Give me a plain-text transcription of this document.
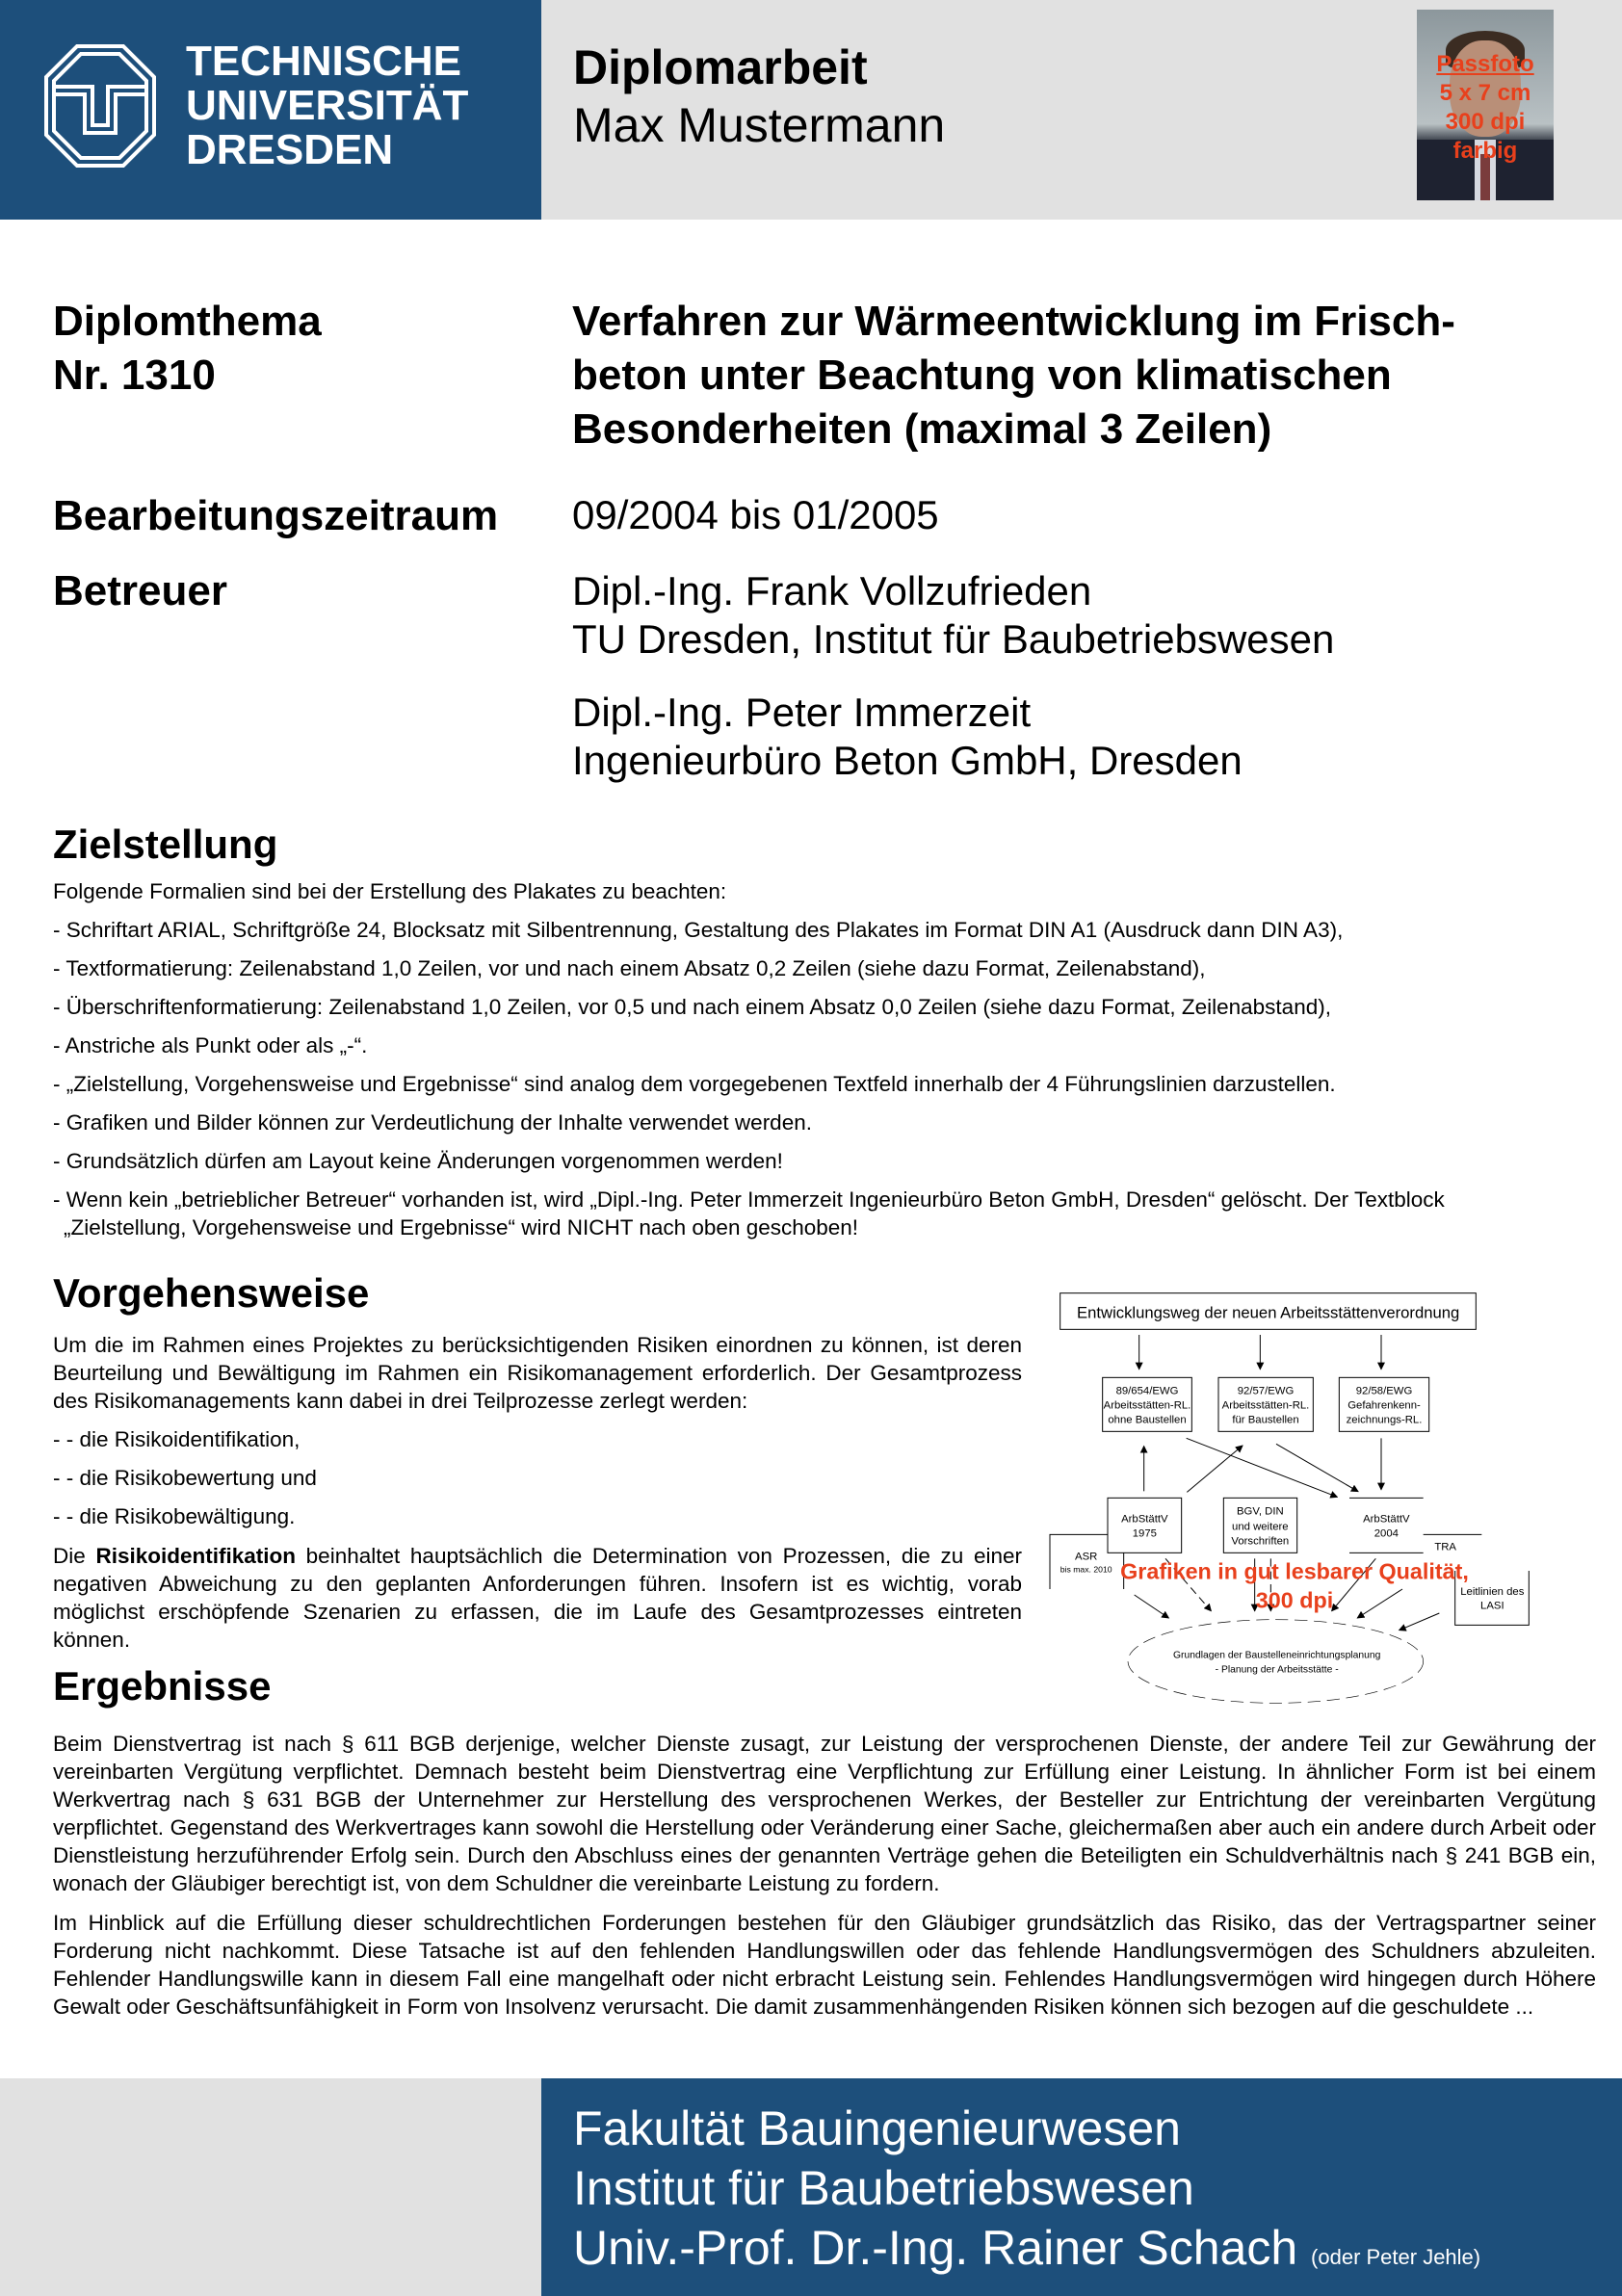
TECHNISCHE
UNIVERSITÄT
DRESDEN
Diplomarbeit
Max Mustermann
Passfoto
5 x 7 cm
300 dpi
farbig
Diplomthema
Nr. 1310
Verfahren zur Wärmeentwicklung im Frisch-
beton unter Beachtung von klimatischen
Besonderheiten (maximal 3 Zeilen)
Bearbeitungszeitraum 09/2004 bis 01/2005
Betreuer	Dipl.-Ing. Frank Vollzufrieden
TU Dresden, Institut für Baubetriebswesen
Dipl.-Ing. Peter Immerzeit
Ingenieurbüro Beton GmbH, Dresden
Zielstellung
Folgende Formalien sind bei der Erstellung des Plakates zu beachten:
- Schriftart ARIAL, Schriftgröße 24, Blocksatz mit Silbentrennung, Gestaltung des Plakates im Format DIN A1 (Ausdruck dann DIN A3),
- Textformatierung: Zeilenabstand 1,0 Zeilen, vor und nach einem Absatz 0,2 Zeilen (siehe dazu Format, Zeilenabstand),
- Überschriftenformatierung: Zeilenabstand 1,0 Zeilen, vor 0,5 und nach einem Absatz 0,0 Zeilen (siehe dazu Format, Zeilenabstand),
- Anstriche als Punkt oder als „-“.
- „Zielstellung, Vorgehensweise und Ergebnisse“ sind analog dem vorgegebenen Textfeld innerhalb der 4 Führungslinien darzustellen.
- Grafiken und Bilder können zur Verdeutlichung der Inhalte verwendet werden.
- Grundsätzlich dürfen am Layout keine Änderungen vorgenommen werden!
- Wenn kein „betrieblicher Betreuer“ vorhanden ist, wird „Dipl.-Ing. Peter Immerzeit Ingenieurbüro Beton GmbH, Dresden“ gelöscht. Der Textblock
„Zielstellung, Vorgehensweise und Ergebnisse“ wird NICHT nach oben geschoben!
Vorgehensweise
Um die im Rahmen eines Projektes zu berücksichtigenden Risiken einordnen zu können, ist deren Beurteilung und Bewältigung im Rahmen ein Risikomanagement erforderlich. Der Gesamtprozess des Risikomanagements kann dabei in drei Teilprozesse zerlegt werden:
- - die Risikoidentifikation,
- - die Risikobewertung und
- - die Risikobewältigung.
Die Risikoidentifikation beinhaltet hauptsächlich die Determination von Prozessen, die zu einer negativen Abweichung zu den geplanten Anforderungen führen. Insofern ist es wichtig, vorab möglichst erschöpfende Szenarien zu erfassen, die im Laufe des Gesamtprozesses eintreten können.
Entwicklungsweg der neuen Arbeitsstättenverordnung
89/654/EWG
Arbeitsstätten-RL.
ohne Baustellen
92/57/EWG
Arbeitsstätten-RL.
für Baustellen
92/58/EWG
Gefahrenkenn-
zeichnungs-RL.
ArbStättV
1975
BGV, DIN
und weitere
Vorschriften
ArbStättV
2004
ASR
bis max. 2010
TRA
Leitlinien des
LASI
Grundlagen der Baustelleneinrichtungsplanung
- Planung der Arbeitsstätte -
Grafiken in gut lesbarer Qualität,
300 dpi
Ergebnisse
Beim Dienstvertrag ist nach § 611 BGB derjenige, welcher Dienste zusagt, zur Leistung der versprochenen Dienste, der andere Teil zur Gewährung der vereinbarten Vergütung verpflichtet. Demnach besteht beim Dienstvertrag eine Verpflichtung zur Erfüllung einer Leistung. In ähnlicher Form ist bei einem Werkvertrag nach § 631 BGB der Unternehmer zur Herstellung des versprochenen Werkes, der Besteller zur Entrichtung der vereinbarten Vergütung verpflichtet. Gegenstand des Werkvertrages kann sowohl die Herstellung oder Veränderung einer Sache, gleichermaßen aber auch ein andere durch Arbeit oder Dienstleistung herzuführender Erfolg sein. Durch den Abschluss eines der genannten Verträge gehen die Beteiligten ein Schuldverhältnis nach § 241 BGB ein, wonach der Gläubiger berechtigt ist, von dem Schuldner die vereinbarte Leistung zu fordern.
Im Hinblick auf die Erfüllung dieser schuldrechtlichen Forderungen bestehen für den Gläubiger grundsätzlich das Risiko, das der Vertragspartner seiner Forderung nicht nachkommt. Diese Tatsache ist auf den fehlenden Handlungswillen oder das fehlende Handlungsvermögen des Schuldners abzuleiten. Fehlender Handlungswille kann in diesem Fall eine mangelhaft oder nicht erbracht Leistung sein. Fehlendes Handlungsvermögen wird hingegen durch Höhere Gewalt oder Geschäftsunfähigkeit in Form von Insolvenz verursacht. Die damit zusammenhängenden Risiken können sich bezogen auf die geschuldete ...
Fakultät Bauingenieurwesen
Institut für Baubetriebswesen
Univ.-Prof. Dr.-Ing. Rainer Schach (oder Peter Jehle)
